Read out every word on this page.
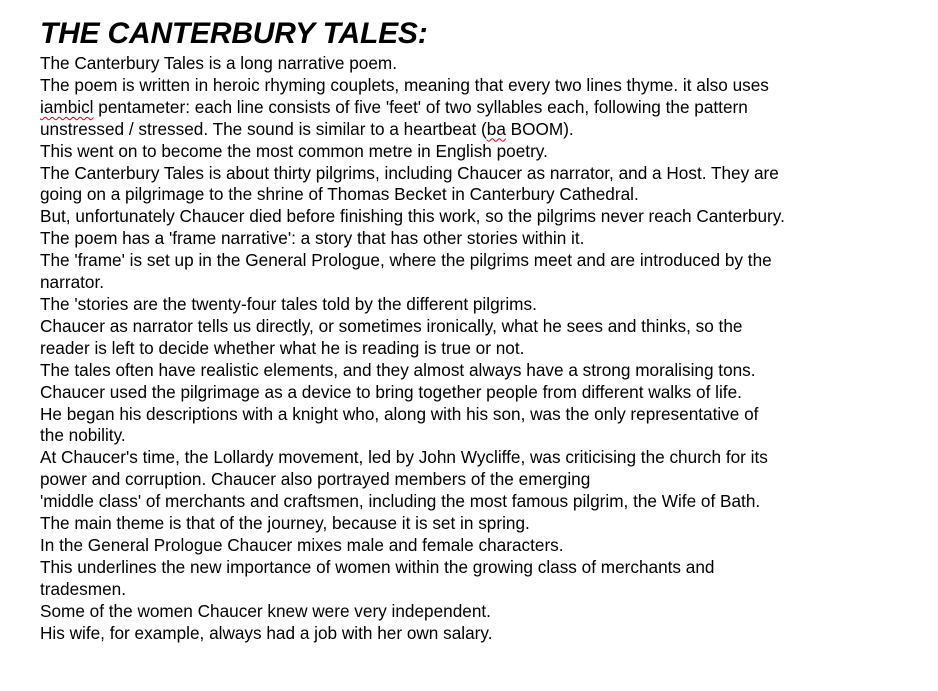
THE CANTERBURY TALES:
The Canterbury Tales is a long narrative poem.
The poem is written in heroic rhyming couplets, meaning that every two lines thyme. it also uses
iambicl pentameter: each line consists of five 'feet' of two syllables each, following the pattern
unstressed / stressed. The sound is similar to a heartbeat (ba BOOM).
This went on to become the most common metre in English poetry.
The Canterbury Tales is about thirty pilgrims, including Chaucer as narrator, and a Host. They are
going on a pilgrimage to the shrine of Thomas Becket in Canterbury Cathedral.
But, unfortunately Chaucer died before finishing this work, so the pilgrims never reach Canterbury.
The poem has a 'frame narrative': a story that has other stories within it.
The 'frame' is set up in the General Prologue, where the pilgrims meet and are introduced by the
narrator.
The 'stories are the twenty-four tales told by the different pilgrims.
Chaucer as narrator tells us directly, or sometimes ironically, what he sees and thinks, so the
reader is left to decide whether what he is reading is true or not.
The tales often have realistic elements, and they almost always have a strong moralising tons.
Chaucer used the pilgrimage as a device to bring together people from different walks of life.
He began his descriptions with a knight who, along with his son, was the only representative of
the nobility.
At Chaucer's time, the Lollardy movement, led by John Wycliffe, was criticising the church for its
power and corruption. Chaucer also portrayed members of the emerging
'middle class' of merchants and craftsmen, including the most famous pilgrim, the Wife of Bath.
The main theme is that of the journey, because it is set in spring.
In the General Prologue Chaucer mixes male and female characters.
This underlines the new importance of women within the growing class of merchants and
tradesmen.
Some of the women Chaucer knew were very independent.
His wife, for example, always had a job with her own salary.
